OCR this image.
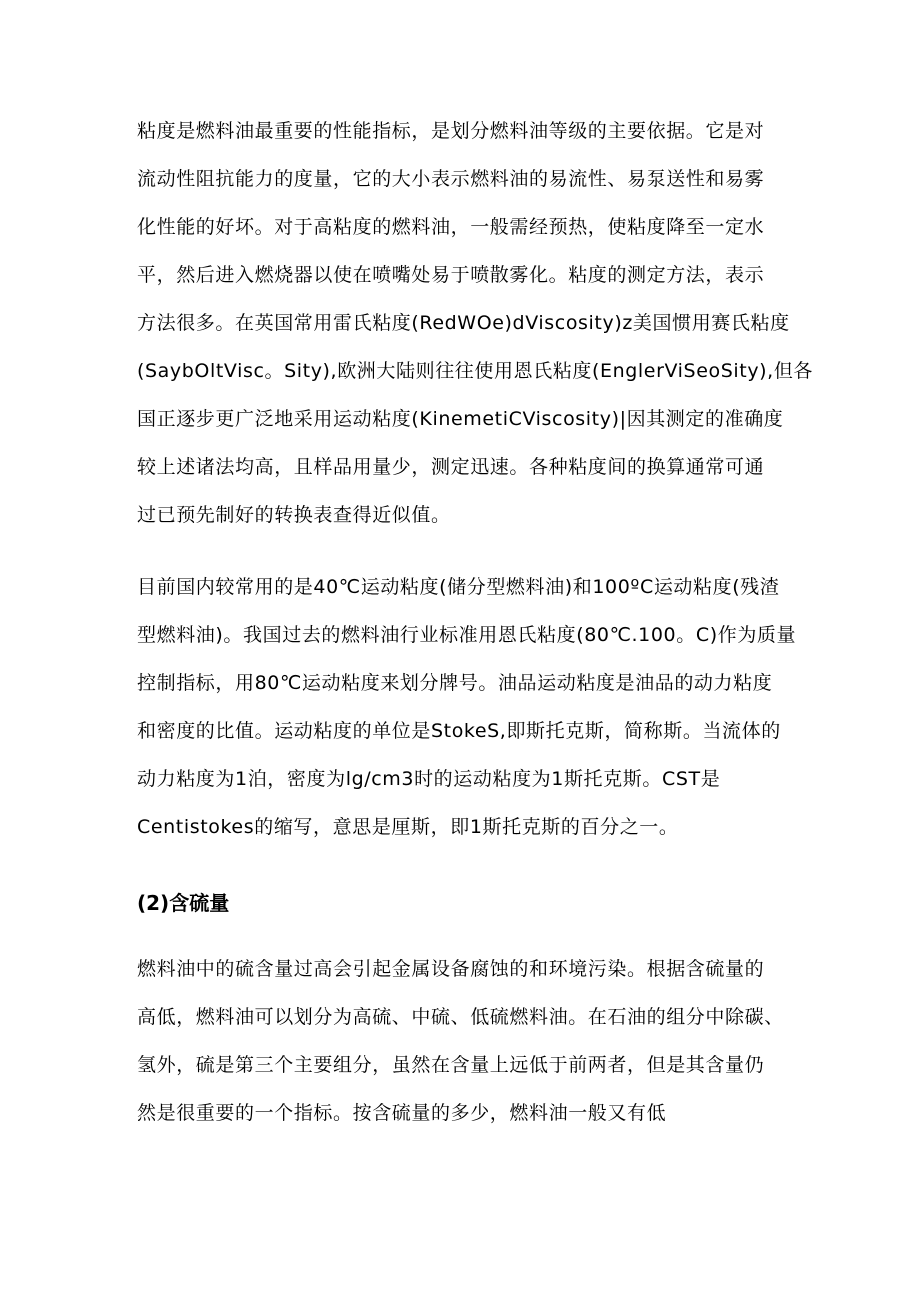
粘度是燃料油最重要的性能指标，是划分燃料油等级的主要依据。它是对
流动性阻抗能力的度量，它的大小表示燃料油的易流性、易泵送性和易雾
化性能的好坏。对于高粘度的燃料油，一般需经预热，使粘度降至一定水
平，然后进入燃烧器以使在喷嘴处易于喷散雾化。粘度的测定方法，表示
方法很多。在英国常用雷氏粘度(RedWOe)dViscosity)z美国惯用赛氏粘度
(SaybOltVisc。Sity),欧洲大陆则往往使用恩氏粘度(EnglerViSeoSity),但各
国正逐步更广泛地采用运动粘度(KinemetiCViscosity)|因其测定的准确度
较上述诸法均高，且样品用量少，测定迅速。各种粘度间的换算通常可通
过已预先制好的转换表查得近似值。
目前国内较常用的是40℃运动粘度(储分型燃料油)和100ºC运动粘度(残渣
型燃料油)。我国过去的燃料油行业标准用恩氏粘度(80℃.100。C)作为质量
控制指标，用80℃运动粘度来划分牌号。油品运动粘度是油品的动力粘度
和密度的比值。运动粘度的单位是StokeS,即斯托克斯，简称斯。当流体的
动力粘度为1泊，密度为lg/cm3时的运动粘度为1斯托克斯。CST是
Centistokes的缩写，意思是厘斯，即1斯托克斯的百分之一。
(2)含硫量
燃料油中的硫含量过高会引起金属设备腐蚀的和环境污染。根据含硫量的
高低，燃料油可以划分为高硫、中硫、低硫燃料油。在石油的组分中除碳、
氢外，硫是第三个主要组分，虽然在含量上远低于前两者，但是其含量仍
然是很重要的一个指标。按含硫量的多少，燃料油一般又有低
